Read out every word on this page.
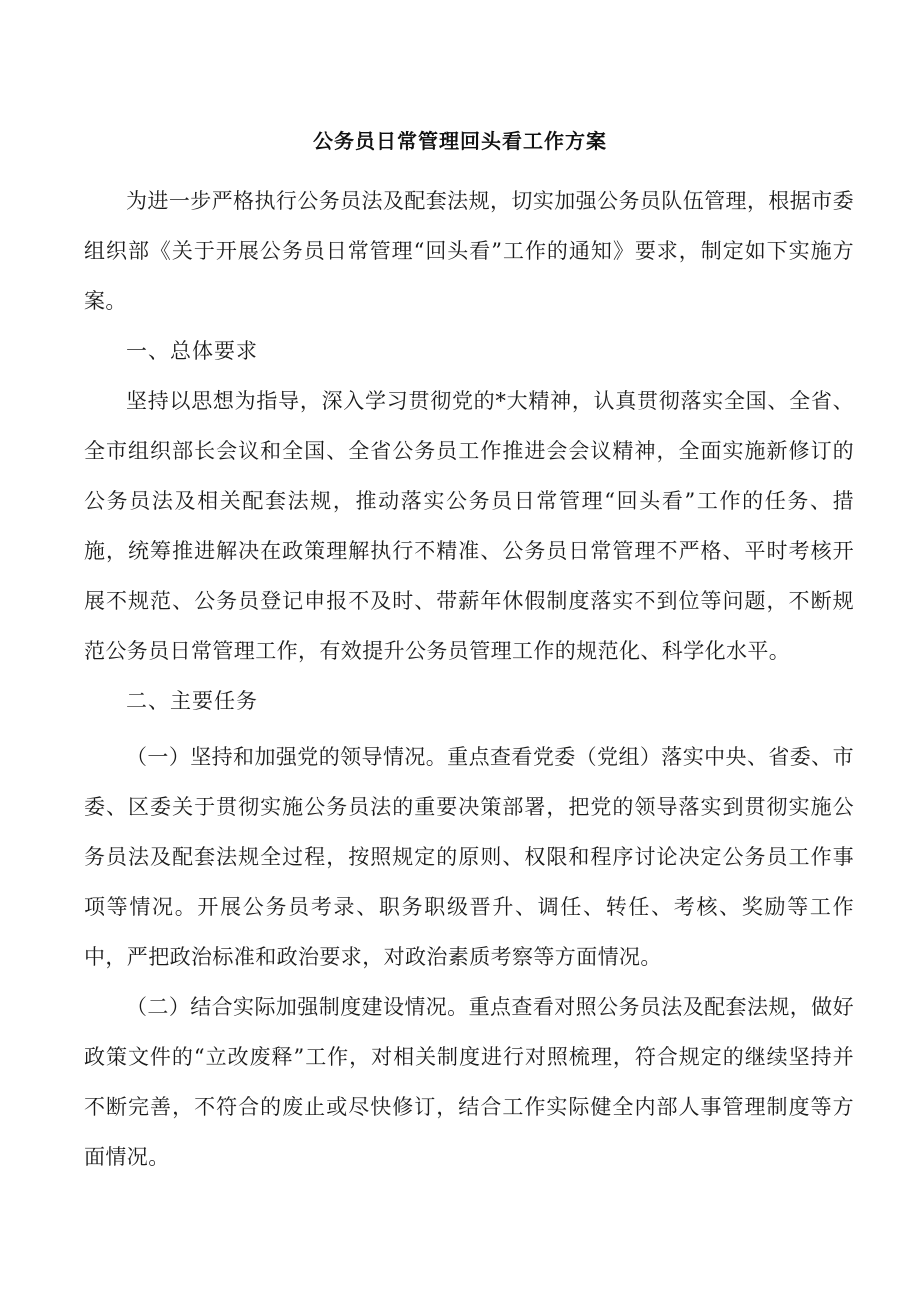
公务员日常管理回头看工作方案

为进一步严格执行公务员法及配套法规，切实加强公务员队伍管理，根据市委组织部《关于开展公务员日常管理“回头看”工作的通知》要求，制定如下实施方案。

一、总体要求

坚持以思想为指导，深入学习贯彻党的*大精神，认真贯彻落实全国、全省、全市组织部长会议和全国、全省公务员工作推进会会议精神，全面实施新修订的公务员法及相关配套法规，推动落实公务员日常管理“回头看”工作的任务、措施，统筹推进解决在政策理解执行不精准、公务员日常管理不严格、平时考核开展不规范、公务员登记申报不及时、带薪年休假制度落实不到位等问题，不断规范公务员日常管理工作，有效提升公务员管理工作的规范化、科学化水平。

二、主要任务

（一）坚持和加强党的领导情况。重点查看党委（党组）落实中央、省委、市委、区委关于贯彻实施公务员法的重要决策部署，把党的领导落实到贯彻实施公务员法及配套法规全过程，按照规定的原则、权限和程序讨论决定公务员工作事项等情况。开展公务员考录、职务职级晋升、调任、转任、考核、奖励等工作中，严把政治标准和政治要求，对政治素质考察等方面情况。

（二）结合实际加强制度建设情况。重点查看对照公务员法及配套法规，做好政策文件的“立改废释”工作，对相关制度进行对照梳理，符合规定的继续坚持并不断完善，不符合的废止或尽快修订，结合工作实际健全内部人事管理制度等方面情况。
